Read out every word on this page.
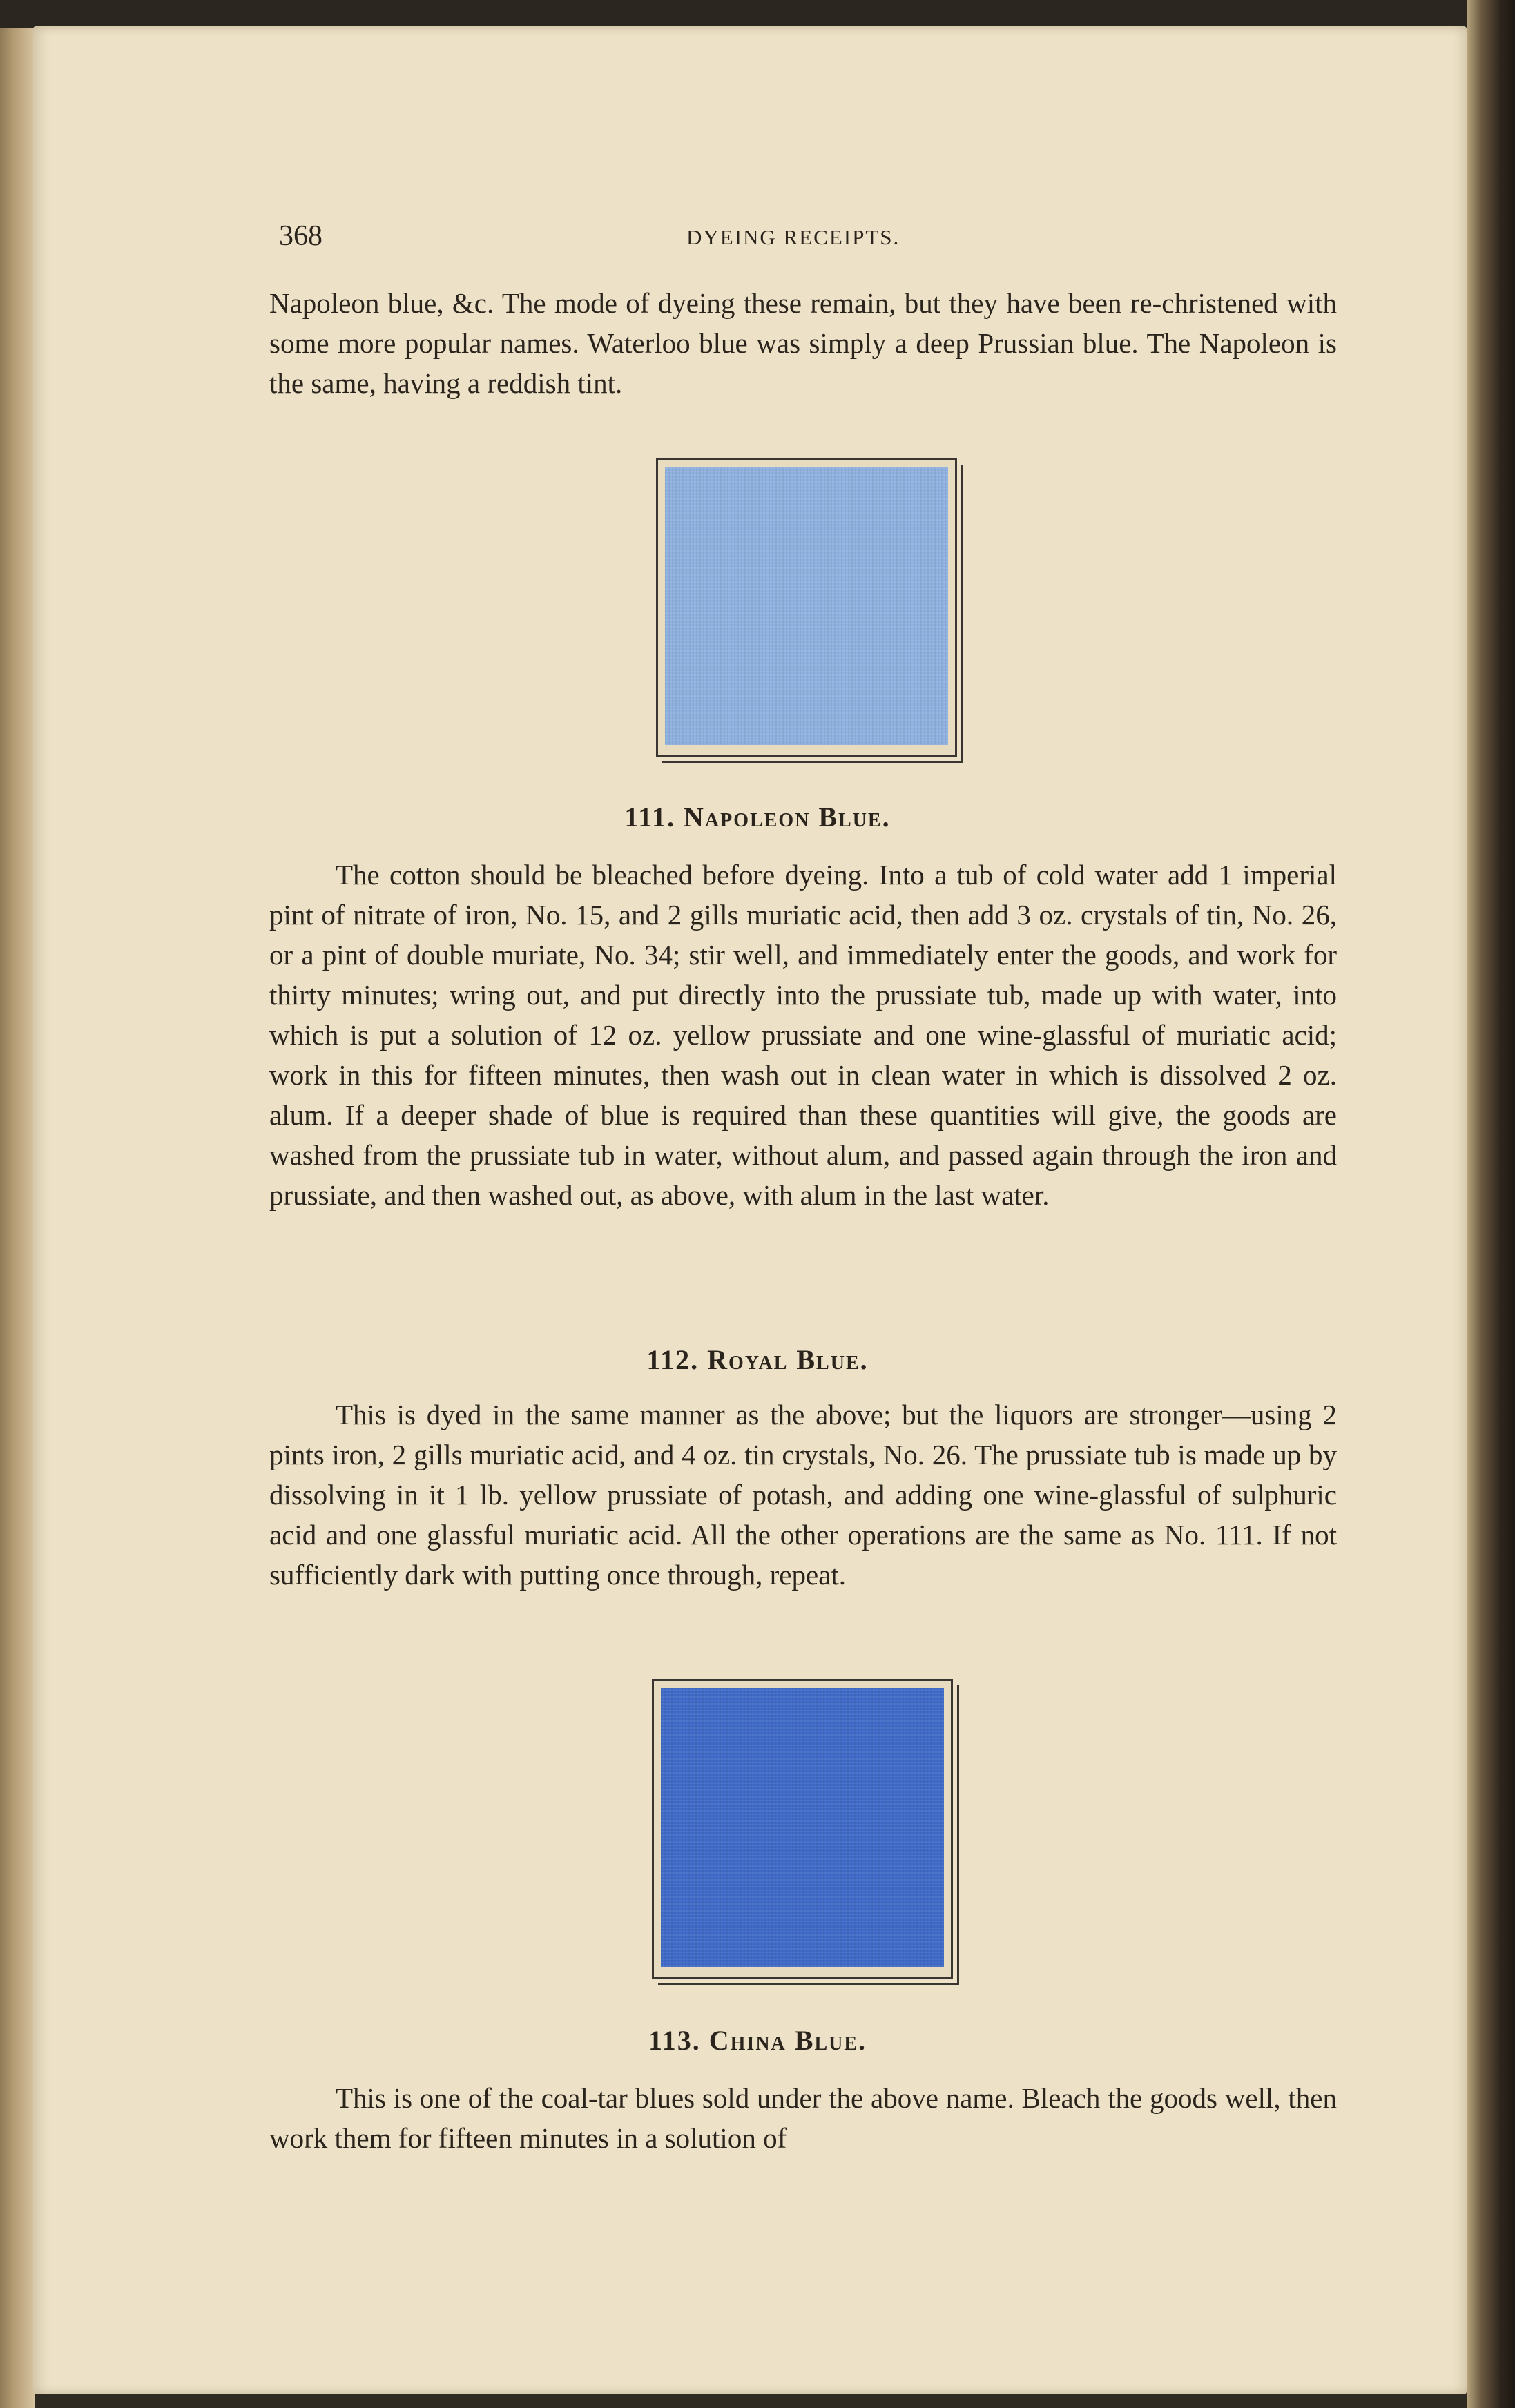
368	DYEING RECEIPTS.

Napoleon blue, &c. The mode of dyeing these remain, but they have been re-christened with some more popular names. Waterloo blue was simply a deep Prussian blue. The Napoleon is the same, having a reddish tint.

111. Napoleon Blue.

The cotton should be bleached before dyeing. Into a tub of cold water add 1 imperial pint of nitrate of iron, No. 15, and 2 gills muriatic acid, then add 3 oz. crystals of tin, No. 26, or a pint of double muriate, No. 34; stir well, and immediately enter the goods, and work for thirty minutes; wring out, and put directly into the prussiate tub, made up with water, into which is put a solution of 12 oz. yellow prussiate and one wine-glassful of muriatic acid; work in this for fifteen minutes, then wash out in clean water in which is dissolved 2 oz. alum. If a deeper shade of blue is required than these quantities will give, the goods are washed from the prussiate tub in water, without alum, and passed again through the iron and prussiate, and then washed out, as above, with alum in the last water.

112. Royal Blue.

This is dyed in the same manner as the above; but the liquors are stronger—using 2 pints iron, 2 gills muriatic acid, and 4 oz. tin crystals, No. 26. The prussiate tub is made up by dissolving in it 1 lb. yellow prussiate of potash, and adding one wine-glassful of sulphuric acid and one glassful muriatic acid. All the other operations are the same as No. 111. If not sufficiently dark with putting once through, repeat.

113. China Blue.

This is one of the coal-tar blues sold under the above name. Bleach the goods well, then work them for fifteen minutes in a solution of
